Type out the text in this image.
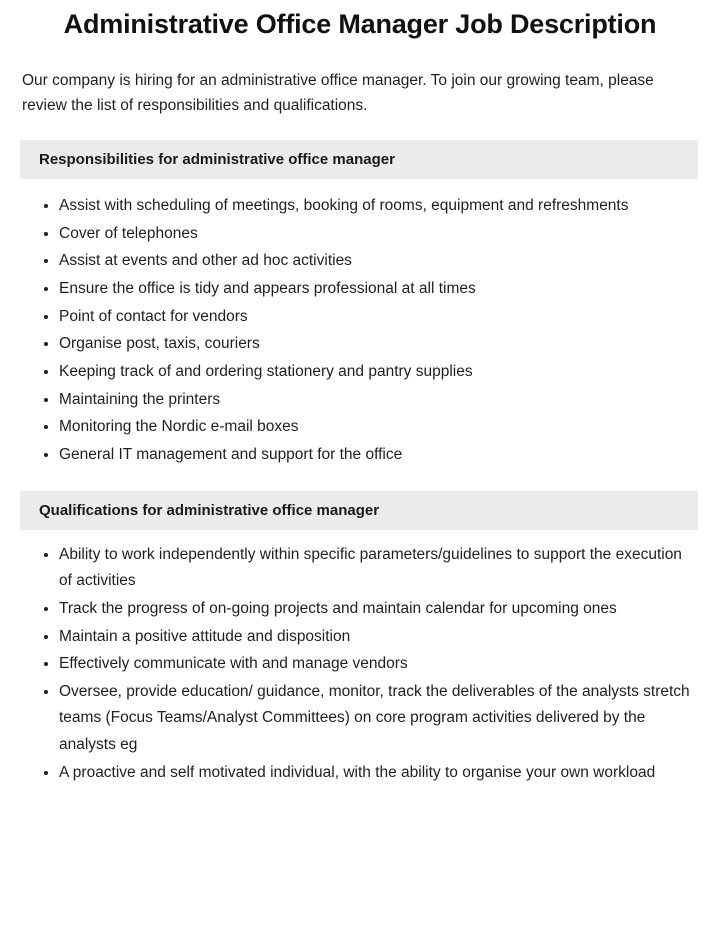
Administrative Office Manager Job Description

Our company is hiring for an administrative office manager. To join our growing team, please review the list of responsibilities and qualifications.

Responsibilities for administrative office manager
Assist with scheduling of meetings, booking of rooms, equipment and refreshments
Cover of telephones
Assist at events and other ad hoc activities
Ensure the office is tidy and appears professional at all times
Point of contact for vendors
Organise post, taxis, couriers
Keeping track of and ordering stationery and pantry supplies
Maintaining the printers
Monitoring the Nordic e-mail boxes
General IT management and support for the office
Qualifications for administrative office manager
Ability to work independently within specific parameters/guidelines to support the execution of activities
Track the progress of on-going projects and maintain calendar for upcoming ones
Maintain a positive attitude and disposition
Effectively communicate with and manage vendors
Oversee, provide education/ guidance, monitor, track the deliverables of the analysts stretch teams (Focus Teams/Analyst Committees) on core program activities delivered by the analysts eg
A proactive and self motivated individual, with the ability to organise your own workload
